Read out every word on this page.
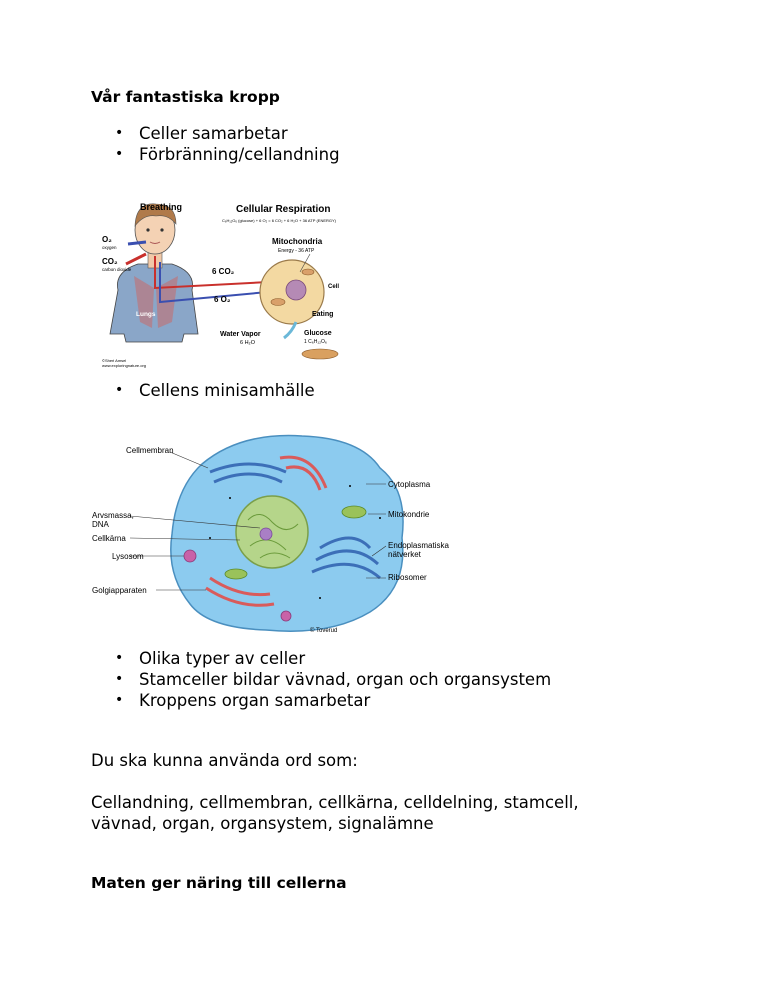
Vår fantastiska kropp
• Celler samarbetar
• Förbränning/cellandning
Breathing	Cellular Respiration
C₆H₁₂O₆ (glucose) + 6 O₂ = 6 CO₂ + 6 H₂O + 36 ATP (ENERGY)
O₂
oxygen
CO₂
carbon dioxide	6 CO₂
6 O₂
Mitochondria
Energy - 36 ATP
Cell
Lungs	Eating
Water Vapor
6 H₂O
Glucose
1 C₆H₁₂O₆
©Sheri Amsel
www.exploringnature.org
• Cellens minisamhälle
Cellmembran
Cytoplasma
Arvsmassa,
DNA
Mitokondrie
Cellkärna
Endoplasmatiska
nätverket
Lysosom
Ribosomer
Golgiapparaten
© Toverud
• Olika typer av celler
• Stamceller bildar vävnad, organ och organsystem
• Kroppens organ samarbetar

Du ska kunna använda ord som:

Cellandning, cellmembran, cellkärna, celldelning, stamcell,
vävnad, organ, organsystem, signalämne

Maten ger näring till cellerna
